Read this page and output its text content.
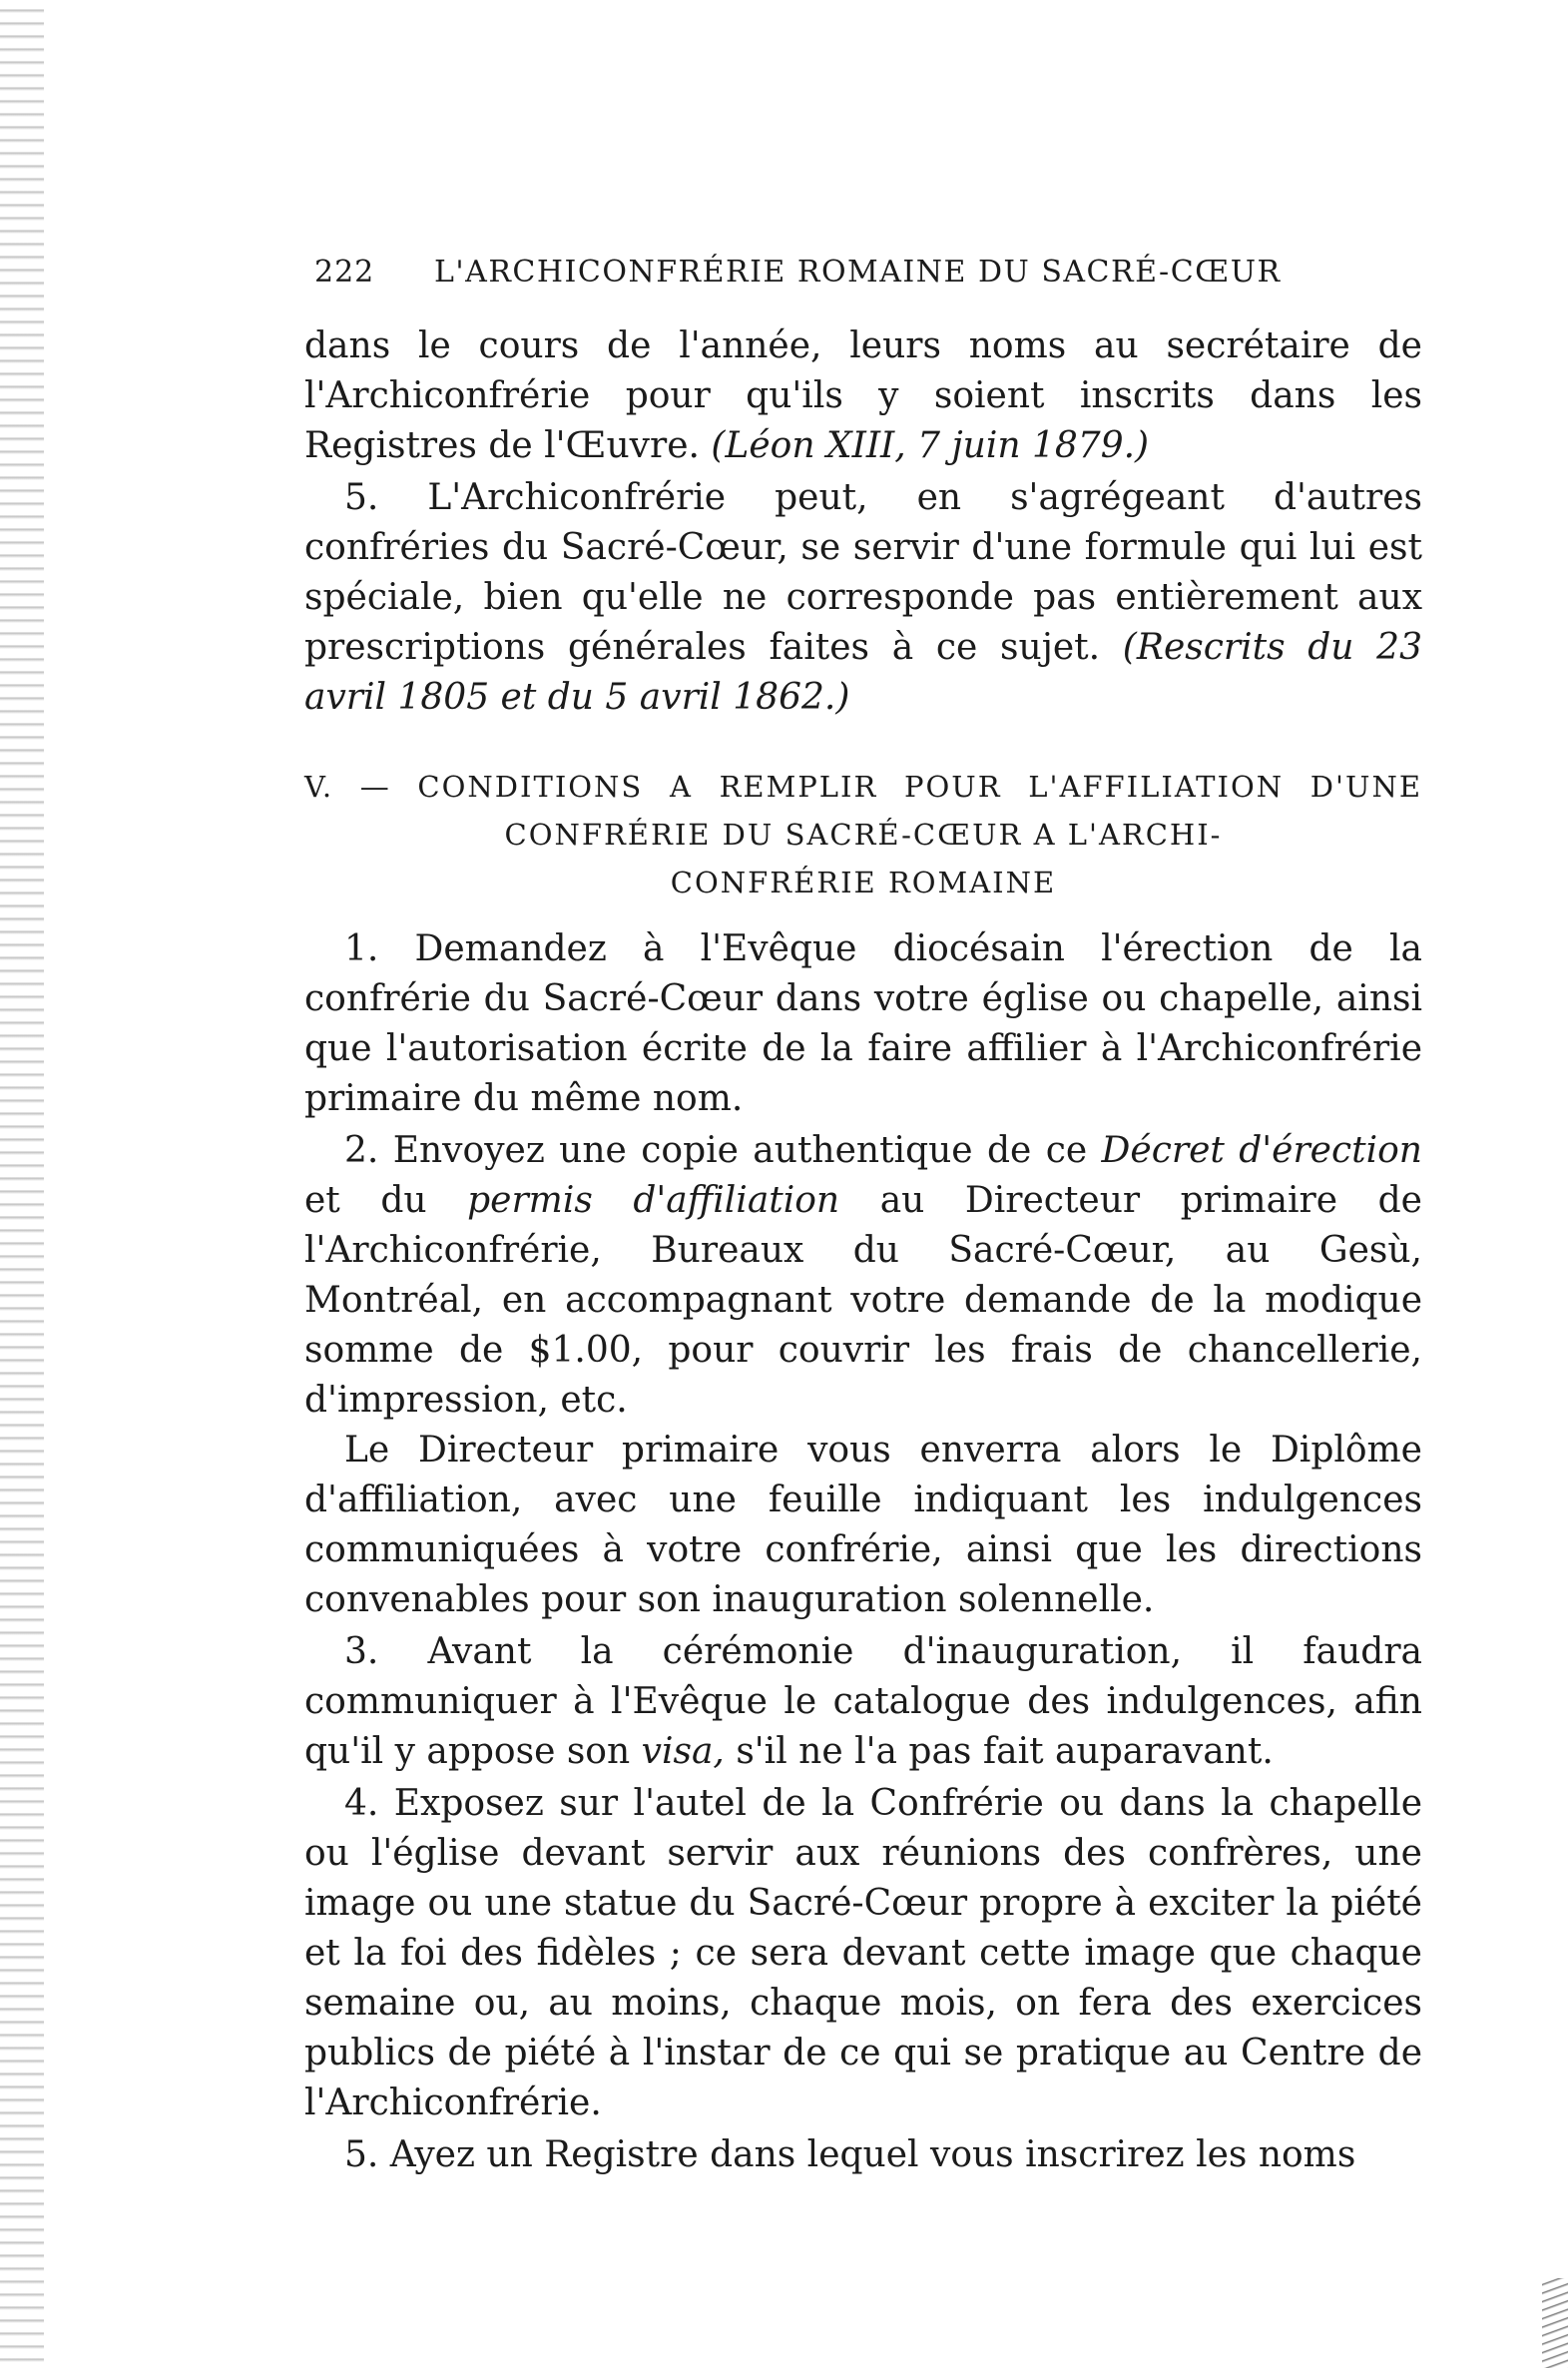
222 L'ARCHICONFRÉRIE ROMAINE DU SACRÉ-CŒUR

dans le cours de l'année, leurs noms au secrétaire de l'Archiconfrérie pour qu'ils y soient inscrits dans les Registres de l'Œuvre. (Léon XIII, 7 juin 1879.)

5. L'Archiconfrérie peut, en s'agrégeant d'autres confréries du Sacré-Cœur, se servir d'une formule qui lui est spéciale, bien qu'elle ne corresponde pas entièrement aux prescriptions générales faites à ce sujet. (Rescrits du 23 avril 1805 et du 5 avril 1862.)

V. — CONDITIONS A REMPLIR POUR L'AFFILIATION D'UNE
CONFRÉRIE DU SACRÉ-CŒUR A L'ARCHI-
CONFRÉRIE ROMAINE

1. Demandez à l'Evêque diocésain l'érection de la confrérie du Sacré-Cœur dans votre église ou chapelle, ainsi que l'autorisation écrite de la faire affilier à l'Archiconfrérie primaire du même nom.

2. Envoyez une copie authentique de ce Décret d'érection et du permis d'affiliation au Directeur primaire de l'Archiconfrérie, Bureaux du Sacré-Cœur, au Gesù, Montréal, en accompagnant votre demande de la modique somme de $1.00, pour couvrir les frais de chancellerie, d'impression, etc.

Le Directeur primaire vous enverra alors le Diplôme d'affiliation, avec une feuille indiquant les indulgences communiquées à votre confrérie, ainsi que les directions convenables pour son inauguration solennelle.

3. Avant la cérémonie d'inauguration, il faudra communiquer à l'Evêque le catalogue des indulgences, afin qu'il y appose son visa, s'il ne l'a pas fait auparavant.

4. Exposez sur l'autel de la Confrérie ou dans la chapelle ou l'église devant servir aux réunions des confrères, une image ou une statue du Sacré-Cœur propre à exciter la piété et la foi des fidèles ; ce sera devant cette image que chaque semaine ou, au moins, chaque mois, on fera des exercices publics de piété à l'instar de ce qui se pratique au Centre de l'Archiconfrérie.

5. Ayez un Registre dans lequel vous inscrirez les noms
